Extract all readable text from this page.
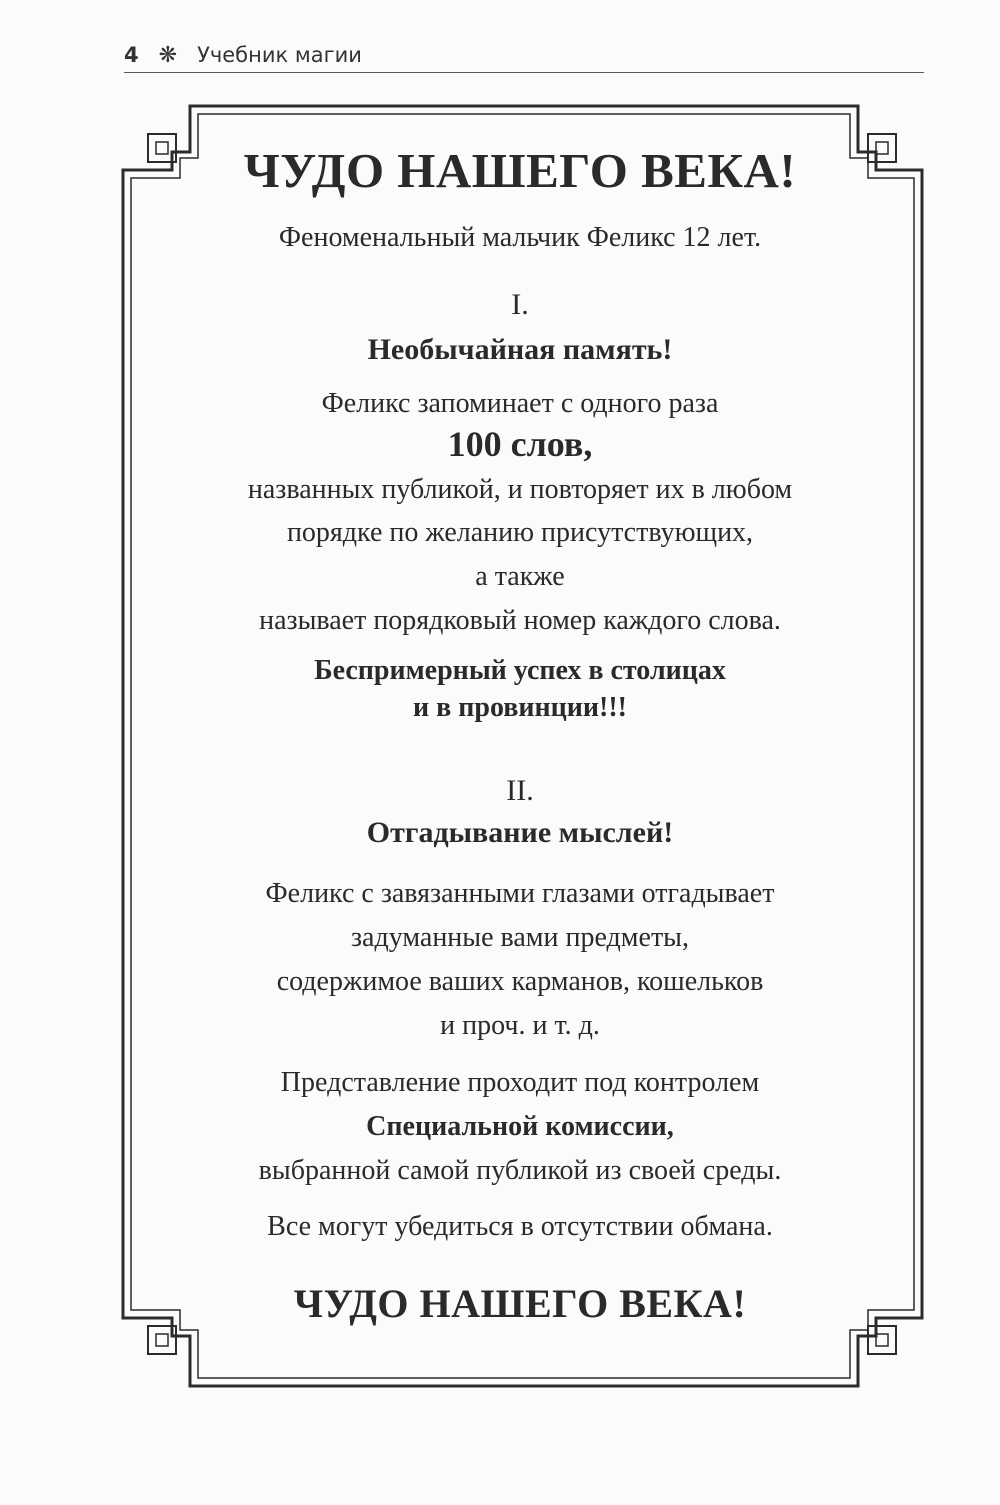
4 ❋ Учебник магии
ЧУДО НАШЕГО ВЕКА!
Феноменальный мальчик Феликс 12 лет.
I.
Необычайная память!
Феликс запоминает с одного раза
100 слов,
названных публикой, и повторяет их в любом
порядке по желанию присутствующих,
а также
называет порядковый номер каждого слова.
Беспримерный успех в столицах
и в провинции!!!
II.
Отгадывание мыслей!
Феликс с завязанными глазами отгадывает
задуманные вами предметы,
содержимое ваших карманов, кошельков
и проч. и т. д.
Представление проходит под контролем
Специальной комиссии,
выбранной самой публикой из своей среды.
Все могут убедиться в отсутствии обмана.
ЧУДО НАШЕГО ВЕКА!
